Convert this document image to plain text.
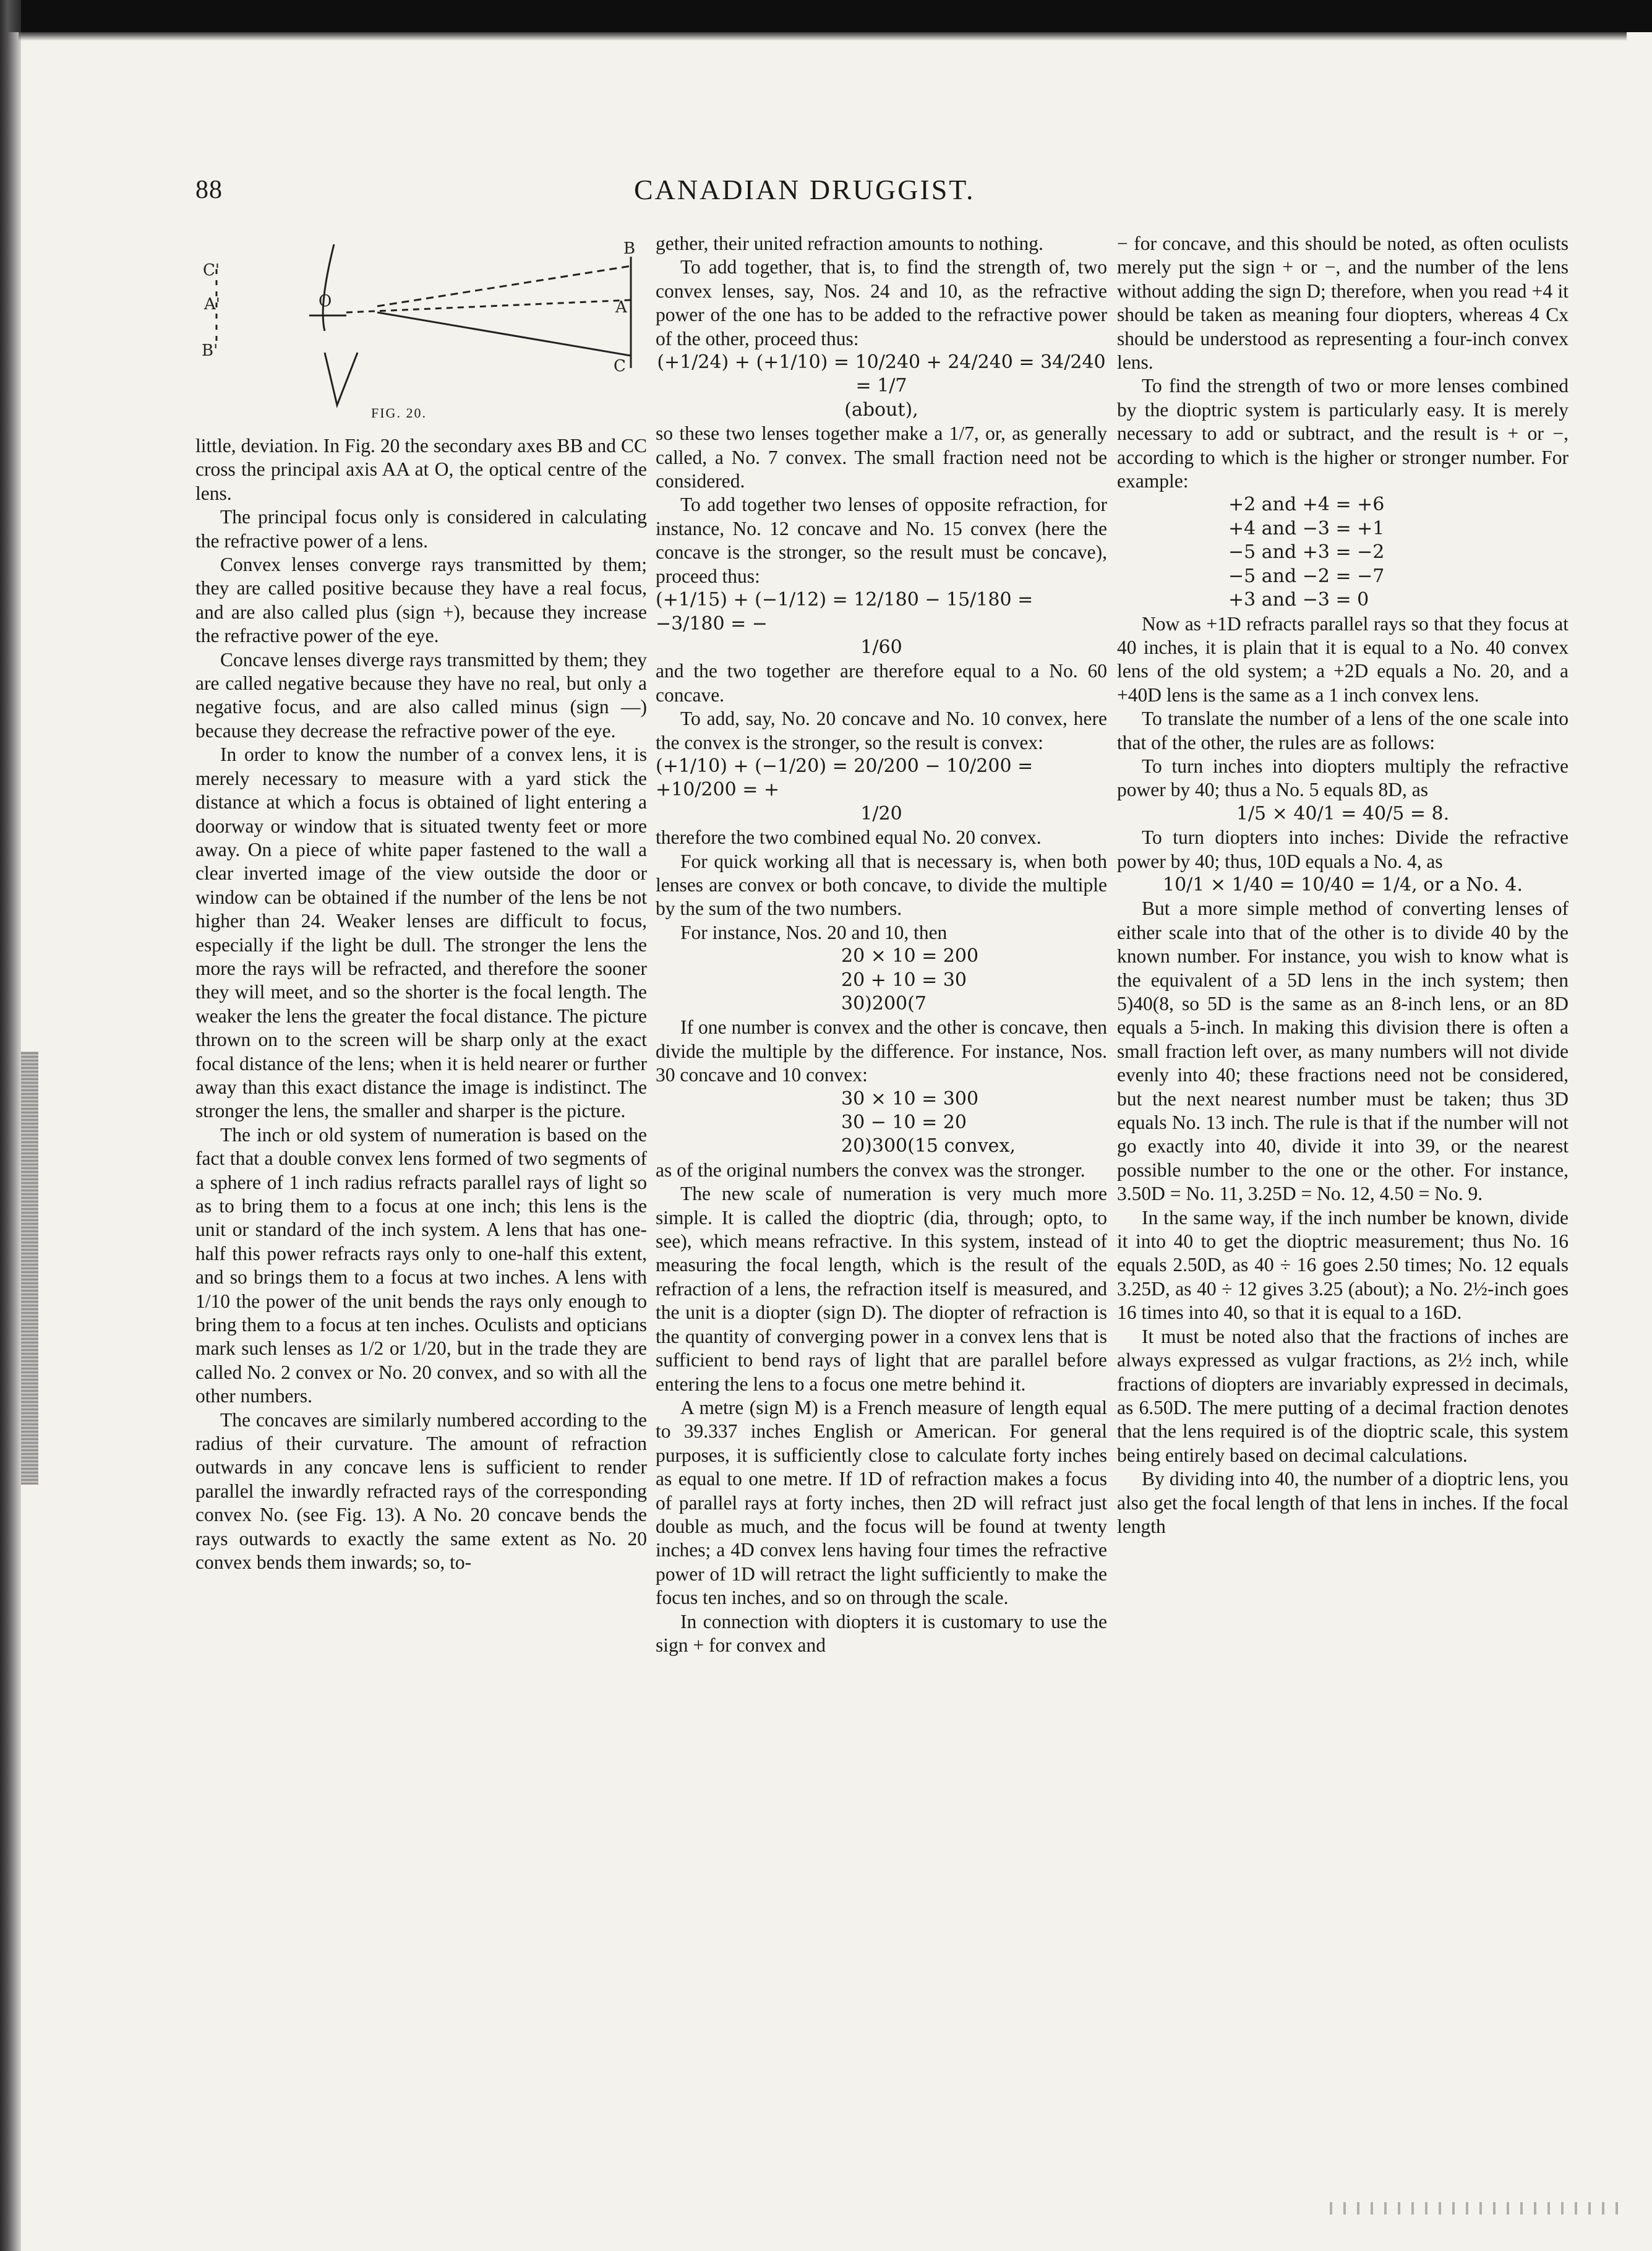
88	CANADIAN DRUGGIST.
C'
A'
B'
O
B
A
C
FIG. 20.

little, deviation. In Fig. 20 the secondary axes BB and CC cross the principal axis AA at O, the optical centre of the lens.

The principal focus only is considered in calculating the refractive power of a lens.

Convex lenses converge rays transmitted by them; they are called positive because they have a real focus, and are also called plus (sign +), because they increase the refractive power of the eye.

Concave lenses diverge rays transmitted by them; they are called negative because they have no real, but only a negative focus, and are also called minus (sign —) because they decrease the refractive power of the eye.

In order to know the number of a convex lens, it is merely necessary to measure with a yard stick the distance at which a focus is obtained of light entering a doorway or window that is situated twenty feet or more away. On a piece of white paper fastened to the wall a clear inverted image of the view outside the door or window can be obtained if the number of the lens be not higher than 24. Weaker lenses are difficult to focus, especially if the light be dull. The stronger the lens the more the rays will be refracted, and therefore the sooner they will meet, and so the shorter is the focal length. The weaker the lens the greater the focal distance. The picture thrown on to the screen will be sharp only at the exact focal distance of the lens; when it is held nearer or further away than this exact distance the image is indistinct. The stronger the lens, the smaller and sharper is the picture.

The inch or old system of numeration is based on the fact that a double convex lens formed of two segments of a sphere of 1 inch radius refracts parallel rays of light so as to bring them to a focus at one inch; this lens is the unit or standard of the inch system. A lens that has one-half this power refracts rays only to one-half this extent, and so brings them to a focus at two inches. A lens with 1/10 the power of the unit bends the rays only enough to bring them to a focus at ten inches. Oculists and opticians mark such lenses as 1/2 or 1/20, but in the trade they are called No. 2 convex or No. 20 convex, and so with all the other numbers.

The concaves are similarly numbered according to the radius of their curvature. The amount of refraction outwards in any concave lens is sufficient to render parallel the inwardly refracted rays of the corresponding convex No. (see Fig. 13). A No. 20 concave bends the rays outwards to exactly the same extent as No. 20 convex bends them inwards; so, to-

gether, their united refraction amounts to nothing.

To add together, that is, to find the strength of, two convex lenses, say, Nos. 24 and 10, as the refractive power of the one has to be added to the refractive power of the other, proceed thus:

(+1/24) + (+1/10) = 10/240 + 24/240 = 34/240 = 1/7

(about),

so these two lenses together make a 1/7, or, as generally called, a No. 7 convex. The small fraction need not be considered.

To add together two lenses of opposite refraction, for instance, No. 12 concave and No. 15 convex (here the concave is the stronger, so the result must be concave), proceed thus:

(+1/15) + (−1/12) = 12/180 − 15/180 = −3/180 = −

1/60

and the two together are therefore equal to a No. 60 concave.

To add, say, No. 20 concave and No. 10 convex, here the convex is the stronger, so the result is convex:

(+1/10) + (−1/20) = 20/200 − 10/200 = +10/200 = +

1/20

therefore the two combined equal No. 20 convex.

For quick working all that is necessary is, when both lenses are convex or both concave, to divide the multiple by the sum of the two numbers.

For instance, Nos. 20 and 10, then

20 × 10 = 200

20 + 10 = 30

30)200(7

If one number is convex and the other is concave, then divide the multiple by the difference. For instance, Nos. 30 concave and 10 convex:

30 × 10 = 300

30 − 10 = 20

20)300(15 convex,

as of the original numbers the convex was the stronger.

The new scale of numeration is very much more simple. It is called the dioptric (dia, through; opto, to see), which means refractive. In this system, instead of measuring the focal length, which is the result of the refraction of a lens, the refraction itself is measured, and the unit is a diopter (sign D). The diopter of refraction is the quantity of converging power in a convex lens that is sufficient to bend rays of light that are parallel before entering the lens to a focus one metre behind it.

A metre (sign M) is a French measure of length equal to 39.337 inches English or American. For general purposes, it is sufficiently close to calculate forty inches as equal to one metre. If 1D of refraction makes a focus of parallel rays at forty inches, then 2D will refract just double as much, and the focus will be found at twenty inches; a 4D convex lens having four times the refractive power of 1D will retract the light sufficiently to make the focus ten inches, and so on through the scale.

In connection with diopters it is customary to use the sign + for convex and

− for concave, and this should be noted, as often oculists merely put the sign + or −, and the number of the lens without adding the sign D; therefore, when you read +4 it should be taken as meaning four diopters, whereas 4 Cx should be understood as representing a four-inch convex lens.

To find the strength of two or more lenses combined by the dioptric system is particularly easy. It is merely necessary to add or subtract, and the result is + or −, according to which is the higher or stronger number. For example:

+2 and +4 = +6

+4 and −3 = +1

−5 and +3 = −2

−5 and −2 = −7

+3 and −3 = 0

Now as +1D refracts parallel rays so that they focus at 40 inches, it is plain that it is equal to a No. 40 convex lens of the old system; a +2D equals a No. 20, and a +40D lens is the same as a 1 inch convex lens.

To translate the number of a lens of the one scale into that of the other, the rules are as follows:

To turn inches into diopters multiply the refractive power by 40; thus a No. 5 equals 8D, as

1/5 × 40/1 = 40/5 = 8.

To turn diopters into inches: Divide the refractive power by 40; thus, 10D equals a No. 4, as

10/1 × 1/40 = 10/40 = 1/4, or a No. 4.

But a more simple method of converting lenses of either scale into that of the other is to divide 40 by the known number. For instance, you wish to know what is the equivalent of a 5D lens in the inch system; then 5)40(8, so 5D is the same as an 8-inch lens, or an 8D equals a 5-inch. In making this division there is often a small fraction left over, as many numbers will not divide evenly into 40; these fractions need not be considered, but the next nearest number must be taken; thus 3D equals No. 13 inch. The rule is that if the number will not go exactly into 40, divide it into 39, or the nearest possible number to the one or the other. For instance, 3.50D = No. 11, 3.25D = No. 12, 4.50 = No. 9.

In the same way, if the inch number be known, divide it into 40 to get the dioptric measurement; thus No. 16 equals 2.50D, as 40 ÷ 16 goes 2.50 times; No. 12 equals 3.25D, as 40 ÷ 12 gives 3.25 (about); a No. 2½-inch goes 16 times into 40, so that it is equal to a 16D.

It must be noted also that the fractions of inches are always expressed as vulgar fractions, as 2½ inch, while fractions of diopters are invariably expressed in decimals, as 6.50D. The mere putting of a decimal fraction denotes that the lens required is of the dioptric scale, this system being entirely based on decimal calculations.

By dividing into 40, the number of a dioptric lens, you also get the focal length of that lens in inches. If the focal length
